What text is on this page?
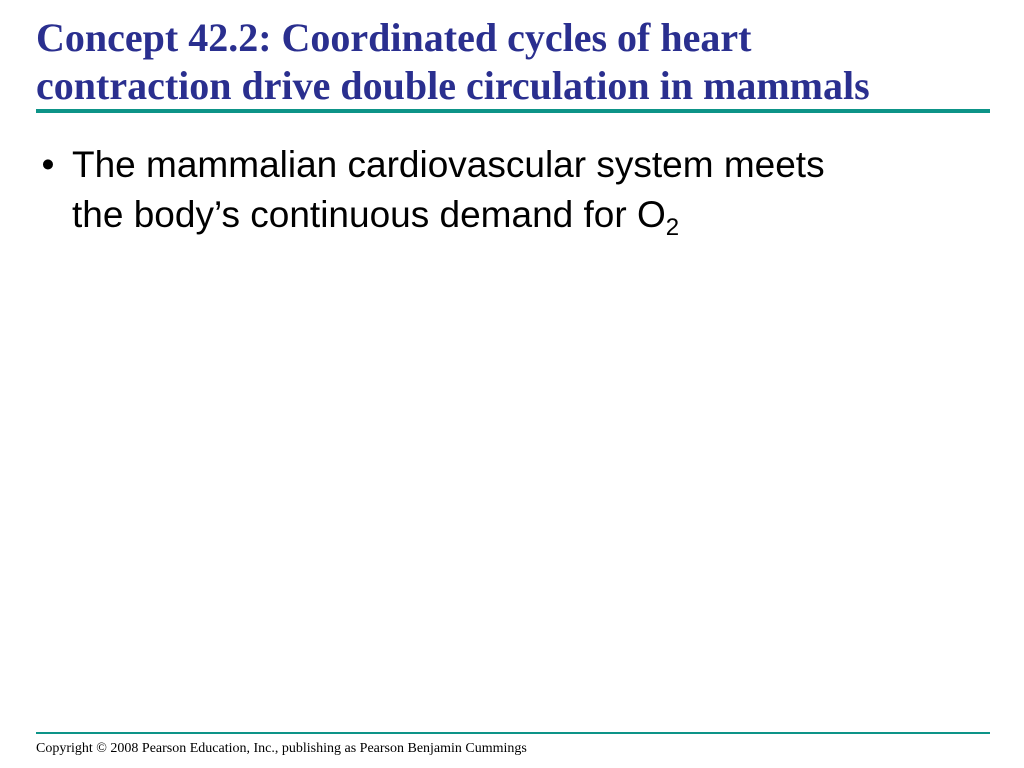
Concept 42.2: Coordinated cycles of heart
contraction drive double circulation in mammals
• The mammalian cardiovascular system meets
the body’s continuous demand for $O_2$
Copyright © 2008 Pearson Education, Inc., publishing as Pearson Benjamin Cummings
